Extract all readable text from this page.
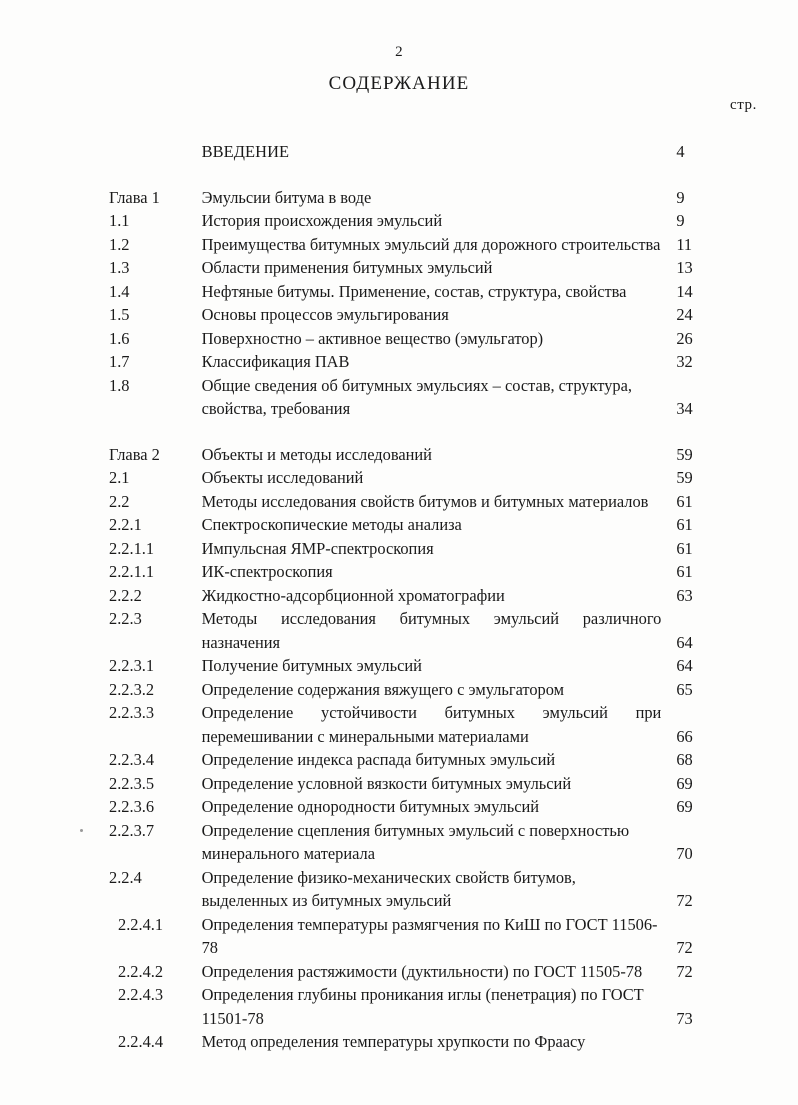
2
СОДЕРЖАНИЕ
стр.
	ВВЕДЕНИЕ	4
Глава 1	Эмульсии битума в воде	9
1.1	История происхождения эмульсий	9
1.2	Преимущества битумных эмульсий для дорожного строительства	11
1.3	Области применения битумных эмульсий	13
1.4	Нефтяные битумы. Применение, состав, структура, свойства	14
1.5	Основы процессов эмульгирования	24
1.6	Поверхностно – активное вещество (эмульгатор)	26
1.7	Классификация ПАВ	32
1.8	Общие сведения об битумных эмульсиях – состав, структура, свойства, требования	34
Глава 2	Объекты и методы исследований	59
2.1	Объекты исследований	59
2.2	Методы исследования свойств битумов и битумных материалов	61
2.2.1	Спектроскопические методы анализа	61
2.2.1.1	Импульсная ЯМР-спектроскопия	61
2.2.1.1	ИК-спектроскопия	61
2.2.2	Жидкостно-адсорбционной хроматографии	63
2.2.3	Методы исследования битумных эмульсий различного назначения	64
2.2.3.1	Получение битумных эмульсий	64
2.2.3.2	Определение содержания вяжущего с эмульгатором	65
2.2.3.3	Определение устойчивости битумных эмульсий при перемешивании с минеральными материалами	66
2.2.3.4	Определение индекса распада битумных эмульсий	68
2.2.3.5	Определение условной вязкости битумных эмульсий	69
2.2.3.6	Определение однородности битумных эмульсий	69
2.2.3.7	Определение сцепления битумных эмульсий с поверхностью минерального материала	70
2.2.4	Определение физико-механических свойств битумов, выделенных из битумных эмульсий	72
2.2.4.1	Определения температуры размягчения по КиШ по ГОСТ 11506-78	72
2.2.4.2	Определения растяжимости (дуктильности) по ГОСТ 11505-78	72
2.2.4.3	Определения глубины проникания иглы (пенетрация) по ГОСТ 11501-78	73
2.2.4.4	Метод определения температуры хрупкости по Фраасу	
